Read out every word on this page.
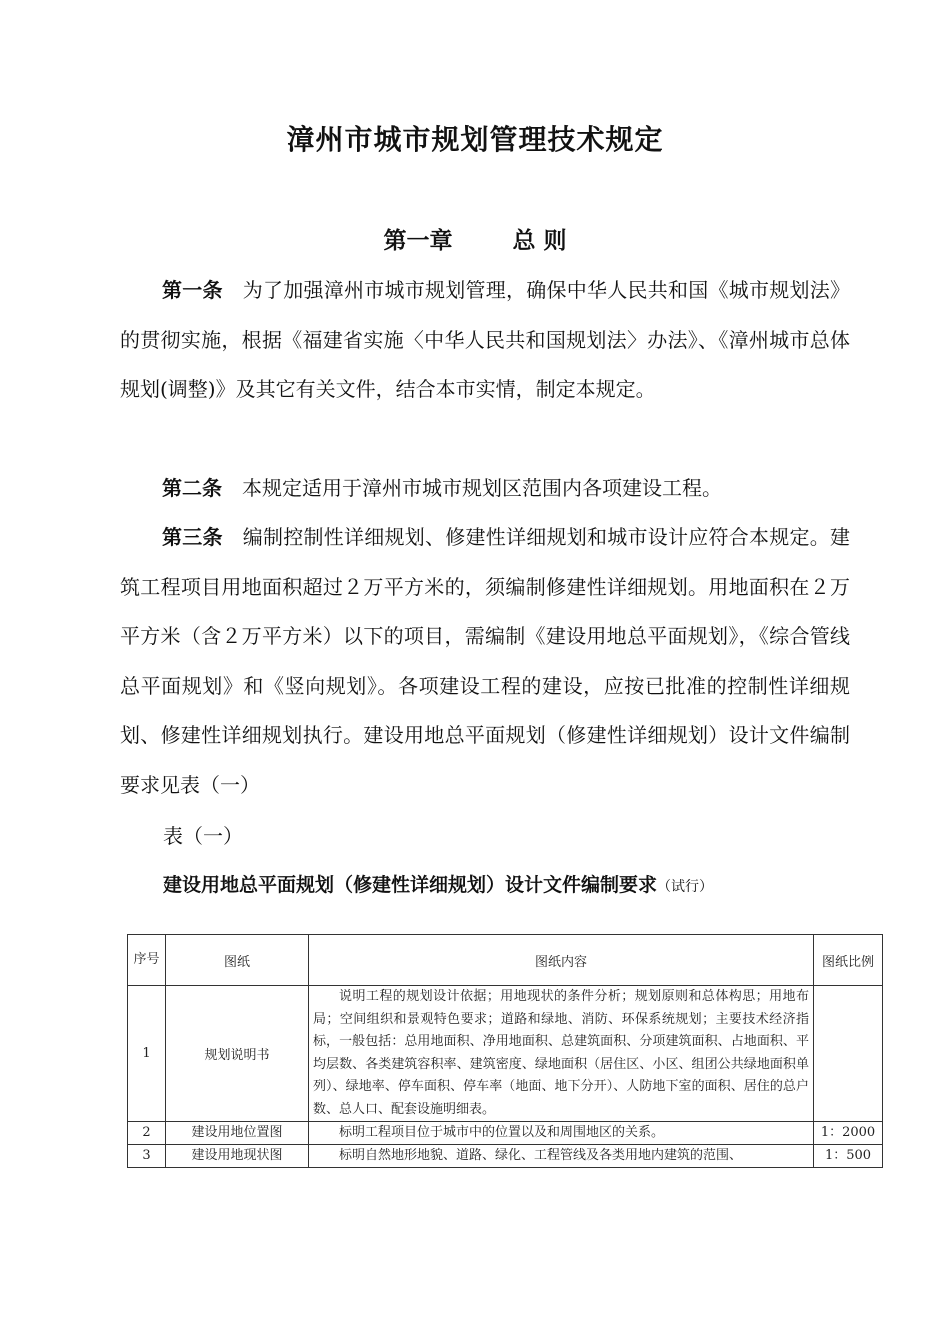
漳州市城市规划管理技术规定
第一章	总 则

第一条 为了加强漳州市城市规划管理，确保中华人民共和国《城市规划法》的贯彻实施，根据《福建省实施〈中华人民共和国规划法〉办法》、《漳州城市总体规划(调整)》及其它有关文件，结合本市实情，制定本规定。

第二条 本规定适用于漳州市城市规划区范围内各项建设工程。

第三条 编制控制性详细规划、修建性详细规划和城市设计应符合本规定。建筑工程项目用地面积超过２万平方米的，须编制修建性详细规划。用地面积在２万平方米（含２万平方米）以下的项目，需编制《建设用地总平面规划》，《综合管线总平面规划》和《竖向规划》。各项建设工程的建设，应按已批准的控制性详细规划、修建性详细规划执行。建设用地总平面规划（修建性详细规划）设计文件编制要求见表（一）

表（一）
建设用地总平面规划（修建性详细规划）设计文件编制要求（试行）
序号	图纸	图纸内容	图纸比例
1	规划说明书	说明工程的规划设计依据；用地现状的条件分析；规划原则和总体构思；用地布局；空间组织和景观特色要求；道路和绿地、消防、环保系统规划；主要技术经济指标，一般包括：总用地面积、净用地面积、总建筑面积、分项建筑面积、占地面积、平均层数、各类建筑容积率、建筑密度、绿地面积（居住区、小区、组团公共绿地面积单列）、绿地率、停车面积、停车率（地面、地下分开）、人防地下室的面积、居住的总户数、总人口、配套设施明细表。	
2	建设用地位置图	标明工程项目位于城市中的位置以及和周围地区的关系。	1：2000
3	建设用地现状图	标明自然地形地貌、道路、绿化、工程管线及各类用地内建筑的范围、	1：500
